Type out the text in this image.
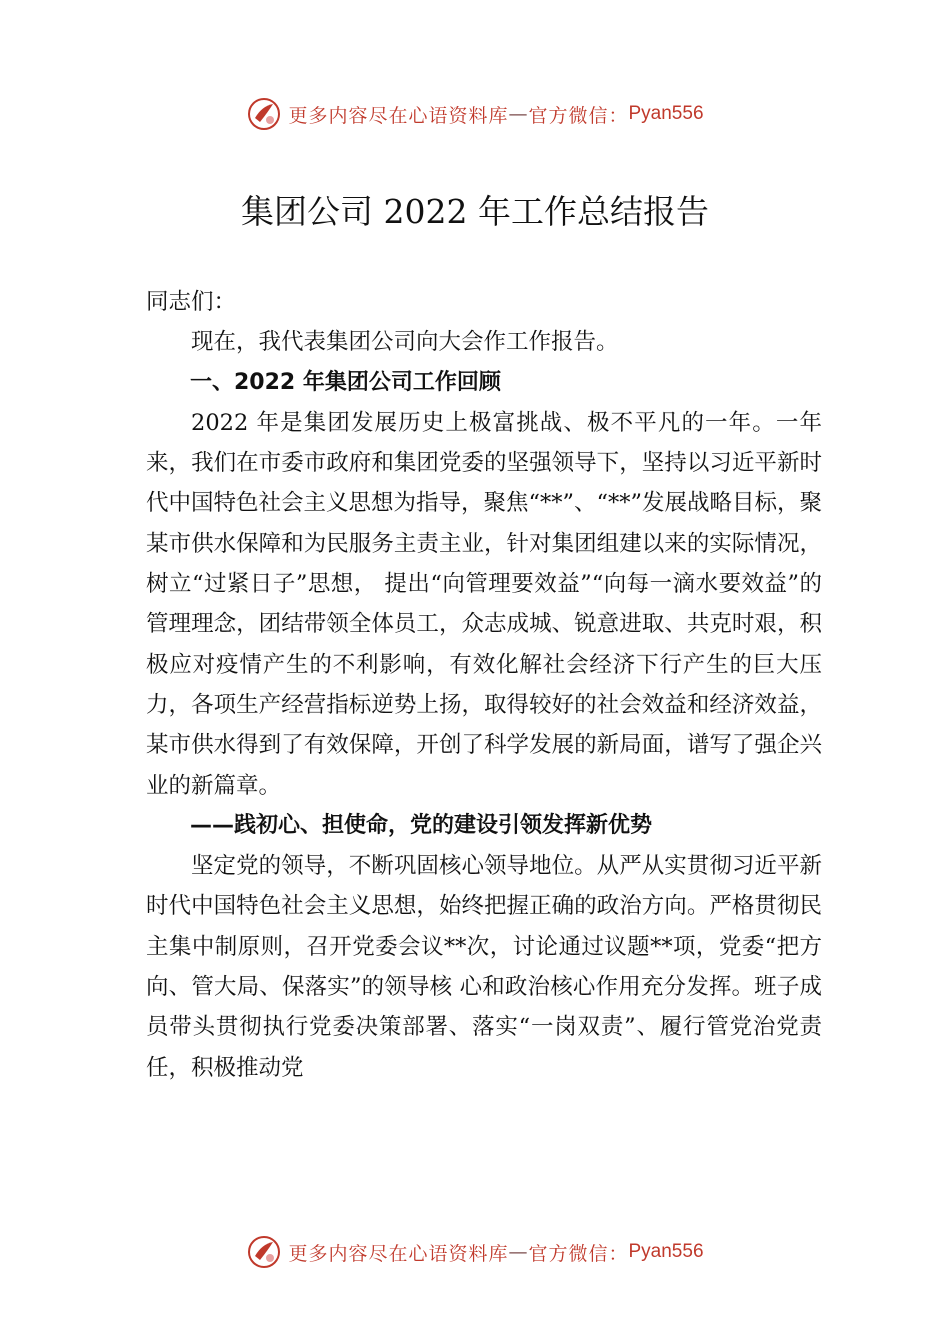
更多内容尽在心语资料库 — 官方微信： Pyan556
集团公司 2022 年工作总结报告

同志们：

现在，我代表集团公司向大会作工作报告。

一、2022 年集团公司工作回顾

2022 年是集团发展历史上极富挑战、极不平凡的一年。一年来，我们在市委市政府和集团党委的坚强领导下，坚持以习近平新时代中国特色社会主义思想为指导，聚焦“**”、“**”发展战略目标，聚某市供水保障和为民服务主责主业，针对集团组建以来的实际情况，树立“过紧日子”思想， 提出“向管理要效益”“向每一滴水要效益”的管理理念，团结带领全体员工，众志成城、锐意进取、共克时艰，积极应对疫情产生的不利影响，有效化解社会经济下行产生的巨大压力，各项生产经营指标逆势上扬，取得较好的社会效益和经济效益，某市供水得到了有效保障，开创了科学发展的新局面，谱写了强企兴业的新篇章。

——践初心、担使命，党的建设引领发挥新优势

坚定党的领导，不断巩固核心领导地位。从严从实贯彻习近平新时代中国特色社会主义思想，始终把握正确的政治方向。严格贯彻民主集中制原则，召开党委会议**次，讨论通过议题**项，党委“把方向、管大局、保落实”的领导核 心和政治核心作用充分发挥。班子成员带头贯彻执行党委决策部署、落实“一岗双责”、履行管党治党责任，积极推动党

更多内容尽在心语资料库 — 官方微信： Pyan556
